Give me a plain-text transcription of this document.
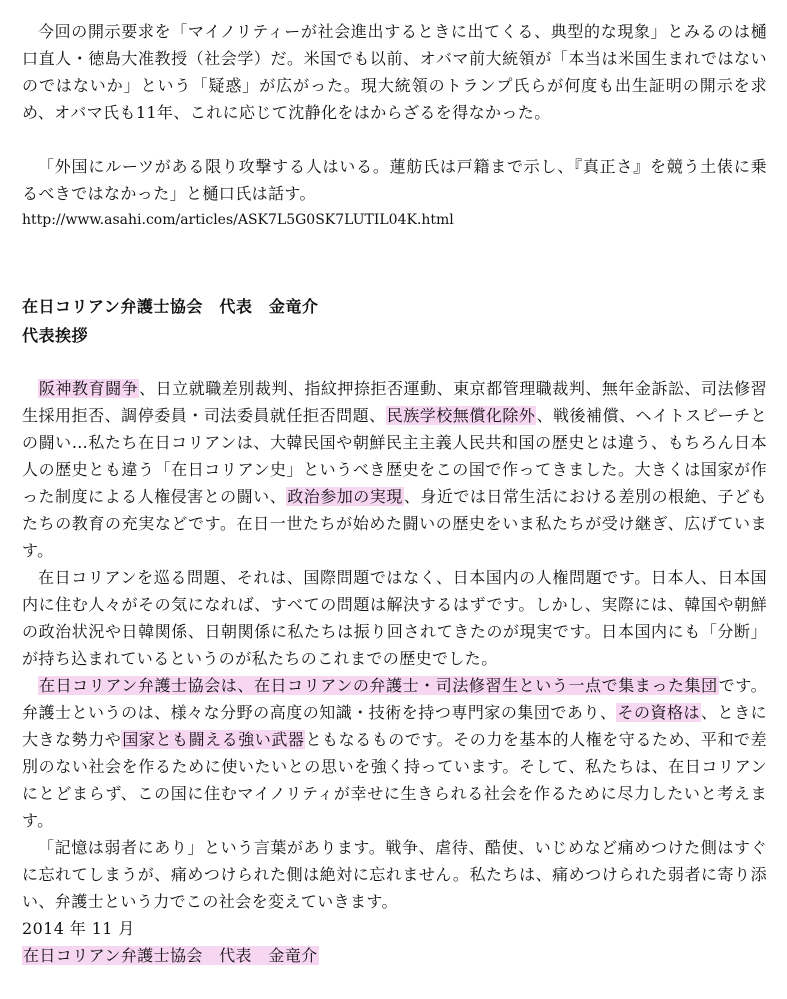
今回の開示要求を「マイノリティーが社会進出するときに出てくる、典型的な現象」とみるのは樋口直人・徳島大准教授（社会学）だ。米国でも以前、オバマ前大統領が「本当は米国生まれではないのではないか」という「疑惑」が広がった。現大統領のトランプ氏らが何度も出生証明の開示を求め、オバマ氏も11年、これに応じて沈静化をはからざるを得なかった。

「外国にルーツがある限り攻撃する人はいる。蓮舫氏は戸籍まで示し、『真正さ』を競う土俵に乗るべきではなかった」と樋口氏は話す。

http://www.asahi.com/articles/ASK7L5G0SK7LUTIL04K.html

在日コリアン弁護士協会　代表　金竜介

代表挨拶

阪神教育闘争、日立就職差別裁判、指紋押捺拒否運動、東京都管理職裁判、無年金訴訟、司法修習生採用拒否、調停委員・司法委員就任拒否問題、民族学校無償化除外、戦後補償、ヘイトスピーチとの闘い…私たち在日コリアンは、大韓民国や朝鮮民主主義人民共和国の歴史とは違う、もちろん日本人の歴史とも違う「在日コリアン史」というべき歴史をこの国で作ってきました。大きくは国家が作った制度による人権侵害との闘い、政治参加の実現、身近では日常生活における差別の根絶、子どもたちの教育の充実などです。在日一世たちが始めた闘いの歴史をいま私たちが受け継ぎ、広げています。

在日コリアンを巡る問題、それは、国際問題ではなく、日本国内の人権問題です。日本人、日本国内に住む人々がその気になれば、すべての問題は解決するはずです。しかし、実際には、韓国や朝鮮の政治状況や日韓関係、日朝関係に私たちは振り回されてきたのが現実です。日本国内にも「分断」が持ち込まれているというのが私たちのこれまでの歴史でした。

在日コリアン弁護士協会は、在日コリアンの弁護士・司法修習生という一点で集まった集団です。弁護士というのは、様々な分野の高度の知識・技術を持つ専門家の集団であり、その資格は、ときに大きな勢力や国家とも闘える強い武器ともなるものです。その力を基本的人権を守るため、平和で差別のない社会を作るために使いたいとの思いを強く持っています。そして、私たちは、在日コリアンにとどまらず、この国に住むマイノリティが幸せに生きられる社会を作るために尽力したいと考えます。

「記憶は弱者にあり」という言葉があります。戦争、虐待、酷使、いじめなど痛めつけた側はすぐに忘れてしまうが、痛めつけられた側は絶対に忘れません。私たちは、痛めつけられた弱者に寄り添い、弁護士という力でこの社会を変えていきます。

2014 年 11 月

在日コリアン弁護士協会　代表　金竜介
